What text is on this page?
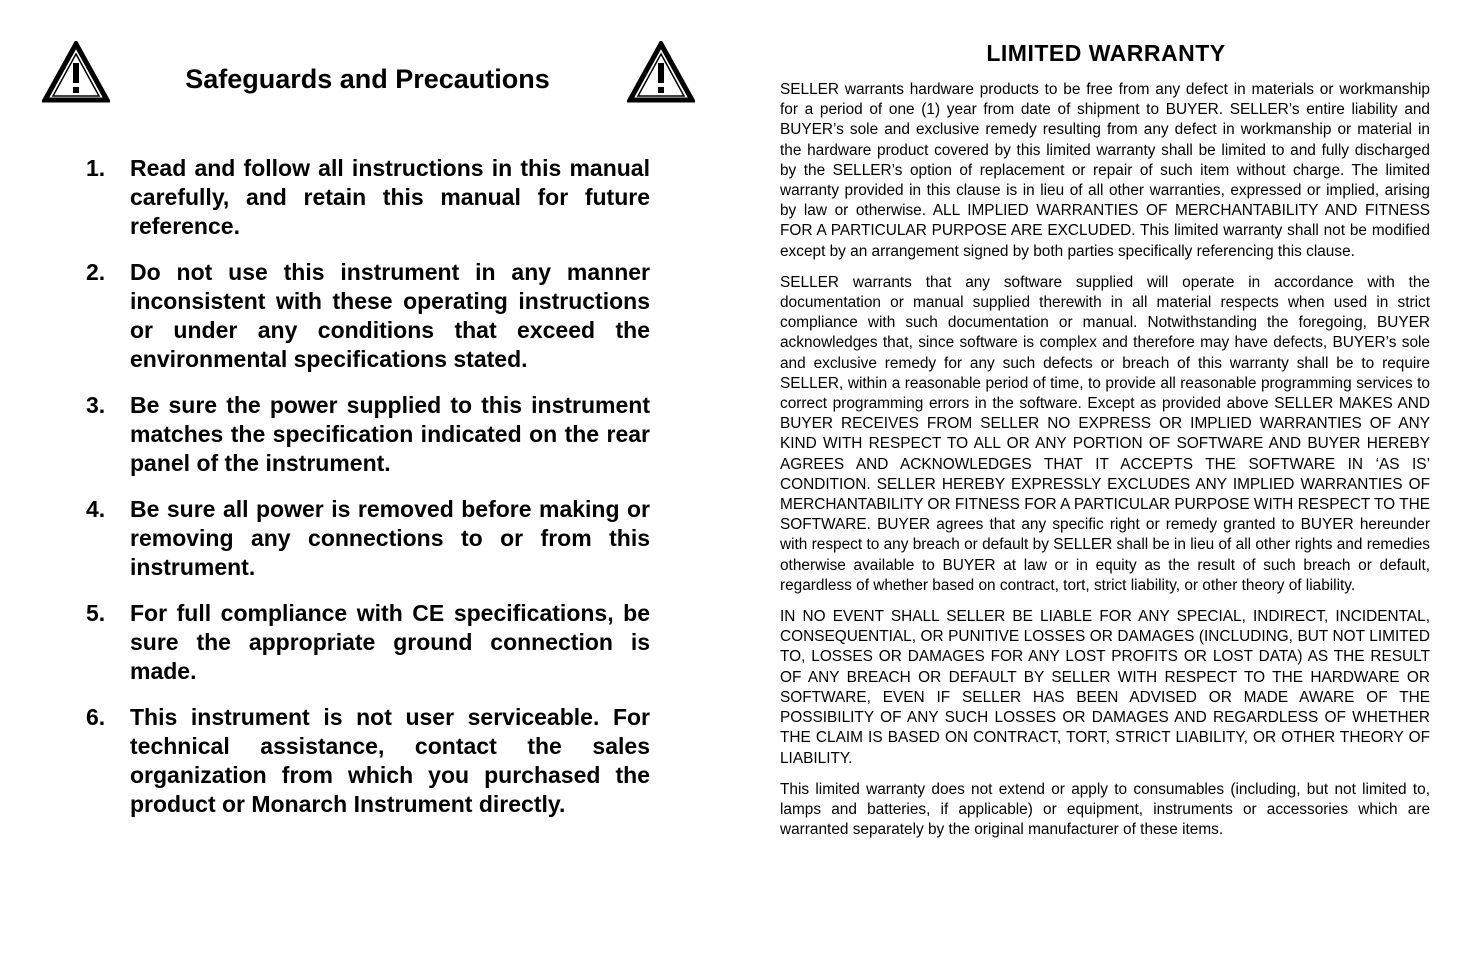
Safeguards and Precautions
1.	Read and follow all instructions in this manual carefully, and retain this manual for future reference.
2.	Do not use this instrument in any manner inconsistent with these operating instructions or under any conditions that exceed the environmental specifications stated.
3.	Be sure the power supplied to this instrument matches the specification indicated on the rear panel of the instrument.
4.	Be sure all power is removed before making or removing any connections to or from this instrument.
5.	For full compliance with CE specifications, be sure the appropriate ground connection is made.
6.	This instrument is not user serviceable. For technical assistance, contact the sales organization from which you purchased the product or Monarch Instrument directly.
LIMITED WARRANTY

SELLER warrants hardware products to be free from any defect in materials or workmanship for a period of one (1) year from date of shipment to BUYER. SELLER’s entire liability and BUYER’s sole and exclusive remedy resulting from any defect in workmanship or material in the hardware product covered by this limited warranty shall be limited to and fully discharged by the SELLER’s option of replacement or repair of such item without charge. The limited warranty provided in this clause is in lieu of all other warranties, expressed or implied, arising by law or otherwise. ALL IMPLIED WARRANTIES OF MERCHANTABILITY AND FITNESS FOR A PARTICULAR PURPOSE ARE EXCLUDED. This limited warranty shall not be modified except by an arrangement signed by both parties specifically referencing this clause.

SELLER warrants that any software supplied will operate in accordance with the documentation or manual supplied therewith in all material respects when used in strict compliance with such documentation or manual. Notwithstanding the foregoing, BUYER acknowledges that, since software is complex and therefore may have defects, BUYER’s sole and exclusive remedy for any such defects or breach of this warranty shall be to require SELLER, within a reasonable period of time, to provide all reasonable programming services to correct programming errors in the software. Except as provided above SELLER MAKES AND BUYER RECEIVES FROM SELLER NO EXPRESS OR IMPLIED WARRANTIES OF ANY KIND WITH RESPECT TO ALL OR ANY PORTION OF SOFTWARE AND BUYER HEREBY AGREES AND ACKNOWLEDGES THAT IT ACCEPTS THE SOFTWARE IN ‘AS IS’ CONDITION. SELLER HEREBY EXPRESSLY EXCLUDES ANY IMPLIED WARRANTIES OF MERCHANTABILITY OR FITNESS FOR A PARTICULAR PURPOSE WITH RESPECT TO THE SOFTWARE. BUYER agrees that any specific right or remedy granted to BUYER hereunder with respect to any breach or default by SELLER shall be in lieu of all other rights and remedies otherwise available to BUYER at law or in equity as the result of such breach or default, regardless of whether based on contract, tort, strict liability, or other theory of liability.

IN NO EVENT SHALL SELLER BE LIABLE FOR ANY SPECIAL, INDIRECT, INCIDENTAL, CONSEQUENTIAL, OR PUNITIVE LOSSES OR DAMAGES (INCLUDING, BUT NOT LIMITED TO, LOSSES OR DAMAGES FOR ANY LOST PROFITS OR LOST DATA) AS THE RESULT OF ANY BREACH OR DEFAULT BY SELLER WITH RESPECT TO THE HARDWARE OR SOFTWARE, EVEN IF SELLER HAS BEEN ADVISED OR MADE AWARE OF THE POSSIBILITY OF ANY SUCH LOSSES OR DAMAGES AND REGARDLESS OF WHETHER THE CLAIM IS BASED ON CONTRACT, TORT, STRICT LIABILITY, OR OTHER THEORY OF LIABILITY.

This limited warranty does not extend or apply to consumables (including, but not limited to, lamps and batteries, if applicable) or equipment, instruments or accessories which are warranted separately by the original manufacturer of these items.
